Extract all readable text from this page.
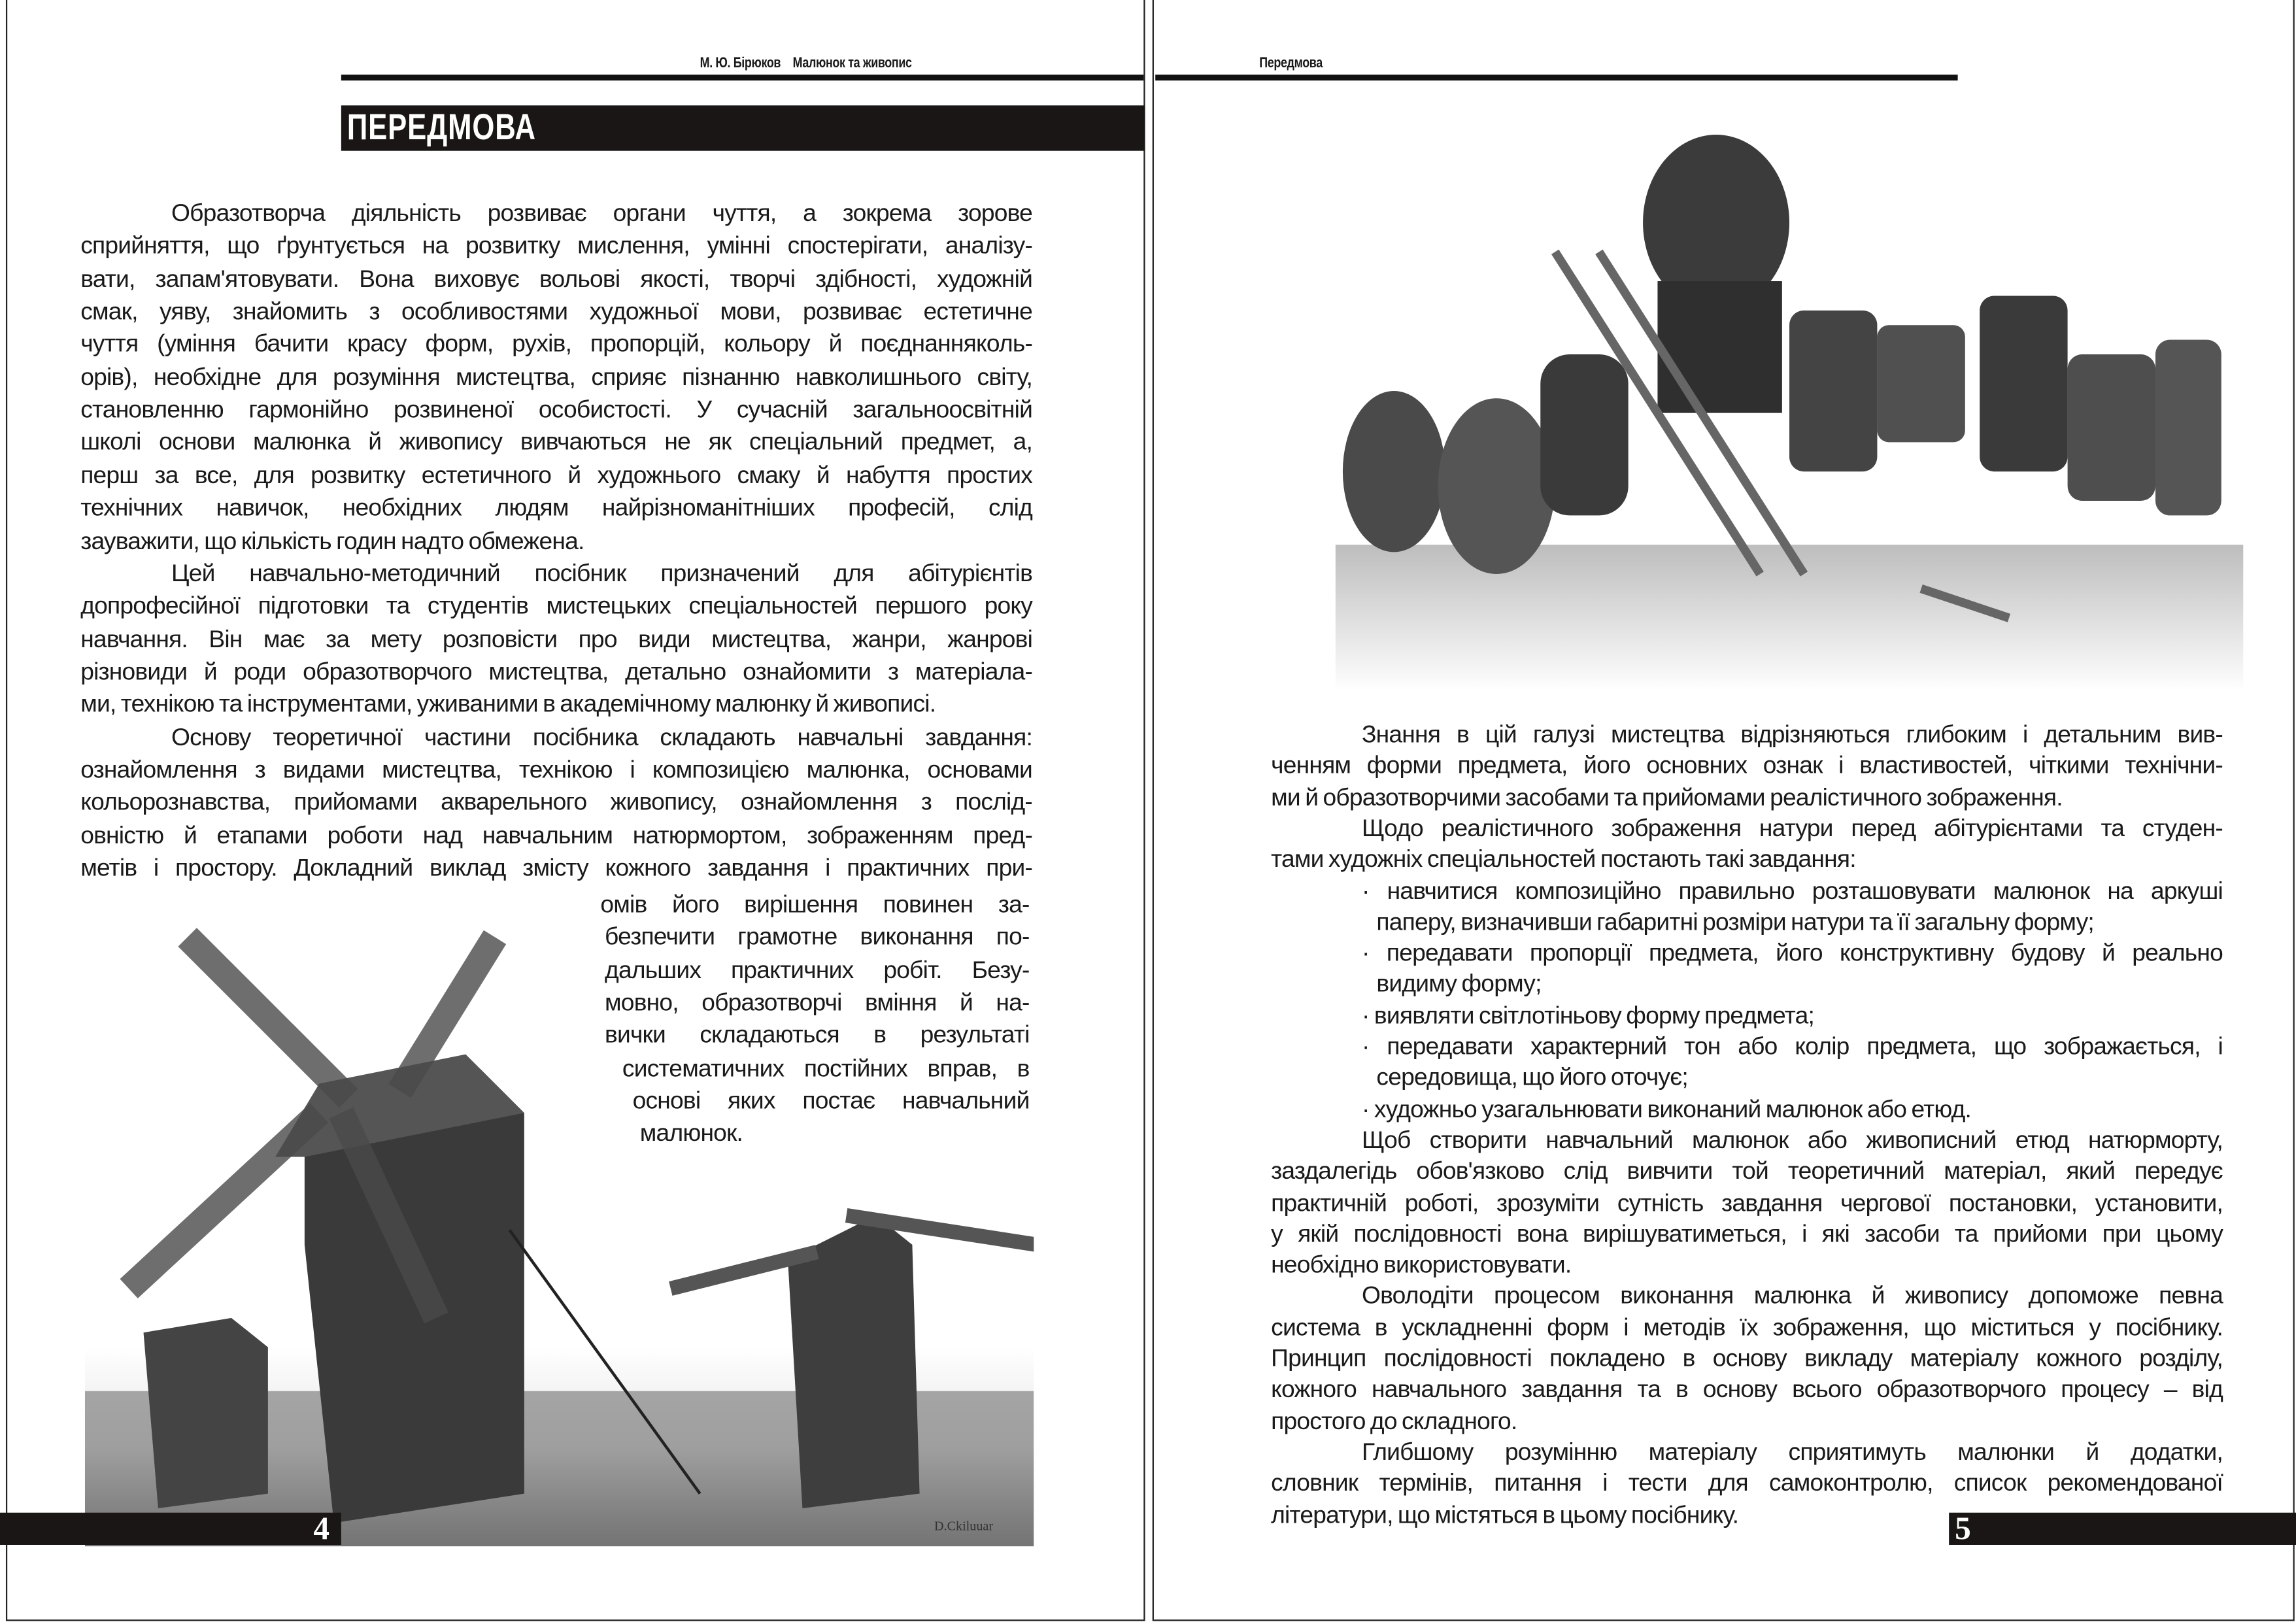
М. Ю. Бірюков Малюнок та живопис
ПЕРЕДМОВА
Образотворча діяльність розвиває органи чуття, а зокрема зорове
сприйняття, що ґрунтується на розвитку мислення, умінні спостерігати, аналізу-
вати, запам'ятовувати. Вона виховує вольові якості, творчі здібності, художній
смак, уяву, знайомить з особливостями художньої мови, розвиває естетичне
чуття (уміння бачити красу форм, рухів, пропорцій, кольору й поєднанняколь-
орів), необхідне для розуміння мистецтва, сприяє пізнанню навколишнього світу,
становленню гармонійно розвиненої особистості. У сучасній загальноосвітній
школі основи малюнка й живопису вивчаються не як спеціальний предмет, а,
перш за все, для розвитку естетичного й художнього смаку й набуття простих
технічних навичок, необхідних людям найрізноманітніших професій, слід
зауважити, що кількість годин надто обмежена.
Цей навчально-методичний посібник призначений для абітурієнтів
допрофесійної підготовки та студентів мистецьких спеціальностей першого року
навчання. Він має за мету розповісти про види мистецтва, жанри, жанрові
різновиди й роди образотворчого мистецтва, детально ознайомити з матеріала-
ми, технікою та інструментами, уживаними в академічному малюнку й живописі.
Основу теоретичної частини посібника складають навчальні завдання:
ознайомлення з видами мистецтва, технікою і композицією малюнка, основами
кольорознавства, прийомами акварельного живопису, ознайомлення з послід-
овністю й етапами роботи над навчальним натюрмортом, зображенням пред-
метів і простору. Докладний виклад змісту кожного завдання і практичних при-
омів його вирішення повинен за-
безпечити грамотне виконання по-
дальших практичних робіт. Безу-
мовно, образотворчі вміння й на-
вички складаються в результаті
систематичних постійних вправ, в
основі яких постає навчальний
малюнок.
D.Ckiluuar
4
Передмова
Знання в цій галузі мистецтва відрізняються глибоким і детальним вив-
ченням форми предмета, його основних ознак і властивостей, чіткими технічни-
ми й образотворчими засобами та прийомами реалістичного зображення.
Щодо реалістичного зображення натури перед абітурієнтами та студен-
тами художніх спеціальностей постають такі завдання:
· навчитися композиційно правильно розташовувати малюнок на аркуші
паперу, визначивши габаритні розміри натури та її загальну форму;
· передавати пропорції предмета, його конструктивну будову й реально
видиму форму;
· виявляти світлотіньову форму предмета;
· передавати характерний тон або колір предмета, що зображається, і
середовища, що його оточує;
· художньо узагальнювати виконаний малюнок або етюд.
Щоб створити навчальний малюнок або живописний етюд натюрморту,
заздалегідь обов'язково слід вивчити той теоретичний матеріал, який передує
практичній роботі, зрозуміти сутність завдання чергової постановки, установити,
у якій послідовності вона вирішуватиметься, і які засоби та прийоми при цьому
необхідно використовувати.
Оволодіти процесом виконання малюнка й живопису допоможе певна
система в ускладненні форм і методів їх зображення, що міститься у посібнику.
Принцип послідовності покладено в основу викладу матеріалу кожного розділу,
кожного навчального завдання та в основу всього образотворчого процесу – від
простого до складного.
Глибшому розумінню матеріалу сприятимуть малюнки й додатки,
словник термінів, питання і тести для самоконтролю, список рекомендованої
літератури, що містяться в цьому посібнику.	5
